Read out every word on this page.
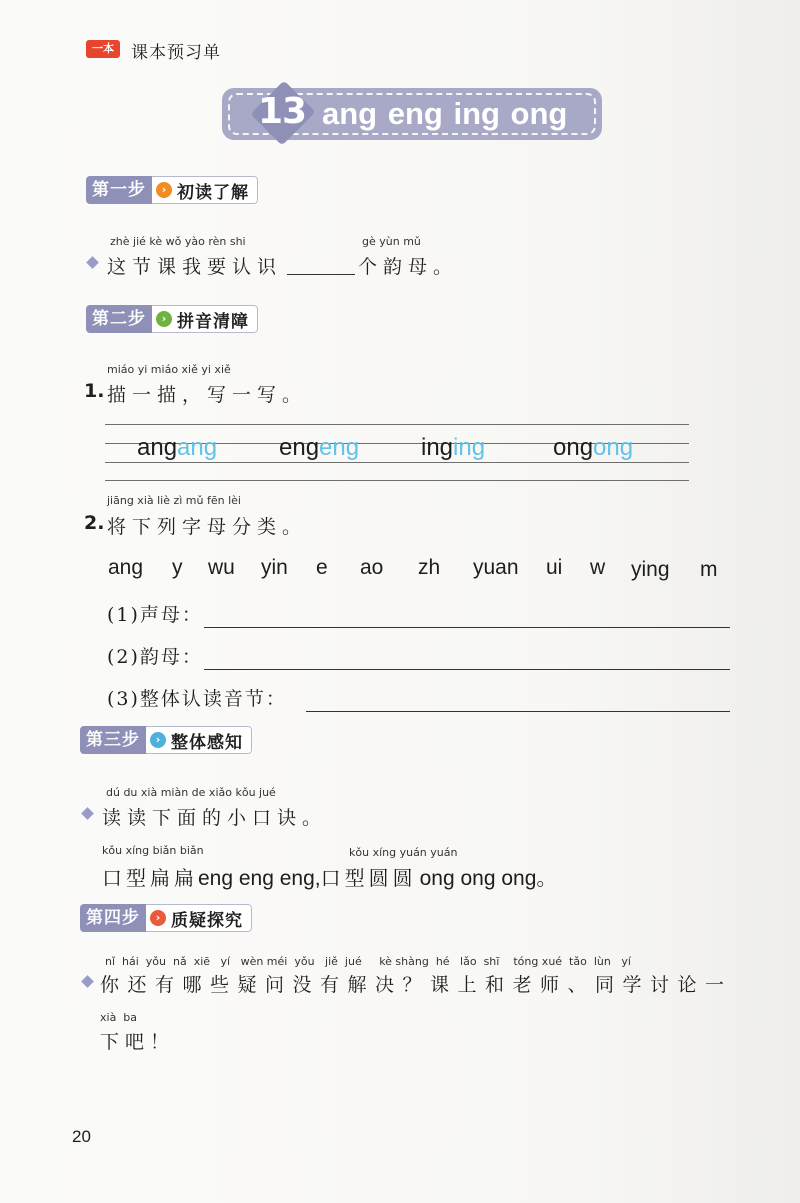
一本	课本预习单
13 ang eng ing ong
第一步	› 初读了解
zhè jié kè wǒ yào rèn shi	gè yùn mǔ
这节课我要认识	个韵母。
第二步	› 拼音清障
miáo yi miáo xiě yi xiě
1. 描一描，写一写。
angang	engeng	inging	ongong
jiāng xià liè zì mǔ fēn lèi
2. 将下列字母分类。
ang y wu yin e ao zh yuan ui w ying m
(1)声母：
(2)韵母：
(3)整体认读音节：
第三步	› 整体感知
dú du xià miàn de xiǎo kǒu jué
读读下面的小口诀。
kǒu xíng biǎn biǎn	kǒu xíng yuán yuán
口型扁扁eng eng eng,口型圆圆 ong ong ong。
第四步	› 质疑探究
nǐ  hái  yǒu  nǎ  xiē   yí   wèn méi  yǒu   jiě  jué     kè shàng  hé   lǎo  shī    tóng xué  tǎo  lùn   yí
你还有哪些疑问没有解决？课上和老师、同学讨论一
xià  ba
下吧！
20
